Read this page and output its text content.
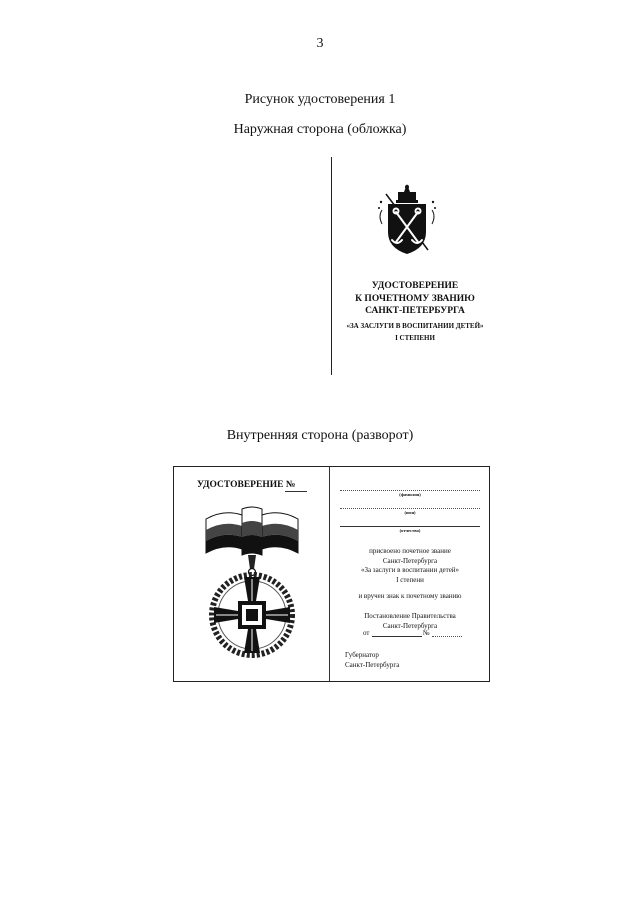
3
Рисунок удостоверения 1
Наружная сторона (обложка)
УДОСТОВЕРЕНИЕ
К ПОЧЕТНОМУ ЗВАНИЮ
САНКТ-ПЕТЕРБУРГА
«ЗА ЗАСЛУГИ В ВОСПИТАНИИ ДЕТЕЙ»
I СТЕПЕНИ
Внутренняя сторона (разворот)
УДОСТОВЕРЕНИЕ №
(фамилия)
(имя)
(отчество)
присвоено почетное звание
Санкт-Петербурга
«За заслуги в воспитании детей»
I степени
и вручен знак к почетному званию
Постановление Правительства
Санкт-Петербурга
от	№
Губернатор
Санкт-Петербурга
